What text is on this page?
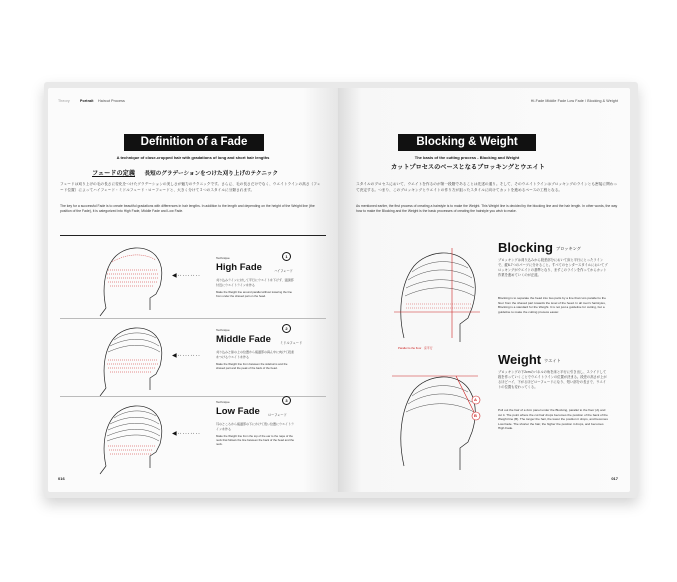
Theory	Portrait Haircut Process
Definition of a Fade
A technique of close-cropped hair with gradations of long and short hair lengths
フェードの定義 長短のグラデーションをつけた刈り上げのテクニック
フェードは刈り上げの毛の長さに変化をつけたグラデーションの美しさが魅力のテクニックです。さらに、毛の長さだけでなく、ウエイトラインの高さ（フェード位置）によってハイフェード・ミドルフェード・ローフェードと、大きく分けて３つのスタイルに分類されます。
The key for a successful Fade is to create beautiful gradations with differences in hair lengths. In addition to the length and depending on the height of the Weight line (the position of the Fade), it is categorized into High Fade, Middle Fade and Low Fade.
◀·········
Technique	1
High Fade	ハイフェード
刈り込みラインに対して平行にウエイトを下げず、頭頂部付近にウエイトラインを作る
Make the Weight line around parallel without lowering the line from under the shaved part on the head.
◀·········
Technique	2
Middle Fade	ミドルフェード
刈り込みと髪の上の位置から後頭部の真ん中に向けて段差をつけるウエイトを作る
Make the Weight line from between the sideburns and the shaved part and the peak of the back of the head.
◀·········
Technique	3
Low Fade	ローフェード
耳のところから後頭部の下にかけて低い位置にウエイトラインを作る
Make the Weight line from the top of the ear to the nape of the neck that follows the line between the back of the head and the neck.
016
Hi-Fade Middle Fade Low Fade / Blocking & Weight
Blocking & Weight
The basis of the cutting process - Blocking and Weight
カットプロセスのベースとなるブロッキングとウエイト
スタイルのプロセスにおいて、ウエイトを作るのが第一段階であることは先述の通り。そして、そのウエイトラインはブロッキングのラインとも密接に関わって決定する。つまり、このブロッキングとウエイトの作り方が狙ったスタイルに向けてカットを進めるベースの工程となる。
As mentioned earlier, the first process of creating a hairstyle is to make the Weight. This Weight line is decided by the blocking line and the hair length. In other words, the way how to make the Blocking and the Weight is the basic processes of creating the hairstyle you wish to make.
Parallel to the floor　床平行
Blocking ブロッキング
ブロッキングは刈り込みから段差部分において床と平行にとったラインで、縦6-7つのパーツに分けること。すべてのセンタースタイルにおいてブロッキングがウエイトの基準となり、まずこのラインを作ってからカット作業を進めていくのが正道。
Blocking is to separate the head into two parts by a line that runs parallel to the floor from the shaved part towards the level of the head. In all men's hairstyles, Blocking is a standard for the Weight. It is not just a guideline for cutting, but a guideline to make the cutting process easier.
A
B
Weight ウエイト
ブロッキングの下2cmのパネルの角を床と平行に引き出し、スライドして段を作っていくことでウエイトラインの位置が決まる。段差の高さが上がるほどハイ、下がるほどローフェードになり、短い部分の長さで、ウエイトの位置も変わってくる。
Pull out the hair of a 2cm panel under the Blocking, parallel to the floor (A) and cut it. The point where the cut hair drops becomes the position of the back of the Weight line (B). The longer the hair, the lower the position it drops, and becomes Low Fade. The shorter the hair, the higher the position it drops, and becomes High Fade.
017
